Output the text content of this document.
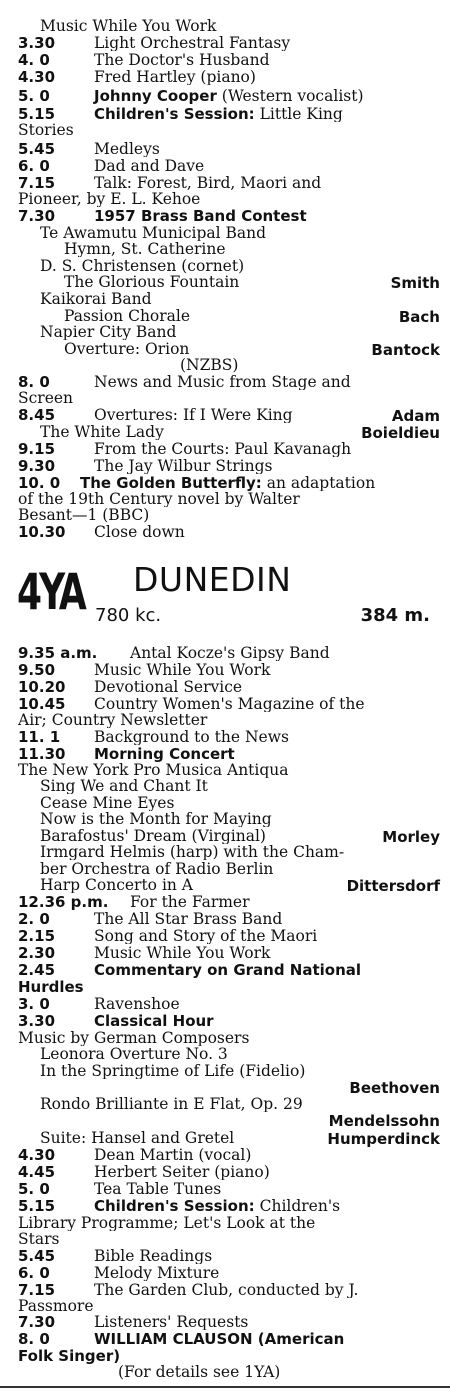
Music While You Work
3.30	Light Orchestral Fantasy
4. 0	The Doctor's Husband
4.30	Fred Hartley (piano)
5. 0	Johnny Cooper (Western vocalist)
5.15	Children's Session: Little King
Stories
5.45	Medleys
6. 0	Dad and Dave
7.15	Talk: Forest, Bird, Maori and
Pioneer, by E. L. Kehoe
7.30	1957 Brass Band Contest
Te Awamutu Municipal Band
Hymn, St. Catherine
D. S. Christensen (cornet)
The Glorious Fountain	Smith
Kaikorai Band
Passion Chorale	Bach
Napier City Band
Overture: Orion	Bantock
(NZBS)
8. 0	News and Music from Stage and
Screen
8.45	Overtures: If I Were King	Adam
The White Lady	Boieldieu
9.15	From the Courts: Paul Kavanagh
9.30	The Jay Wilbur Strings
10. 0 The Golden Butterfly: an adaptation
of the 19th Century novel by Walter
Besant—1 (BBC)
10.30 Close down
4YA DUNEDIN
780 kc.	384 m.
9.35 a.m. Antal Kocze's Gipsy Band
9.50	Music While You Work
10.20 Devotional Service
10.45 Country Women's Magazine of the
Air; Country Newsletter
11. 1 Background to the News
11.30 Morning Concert
The New York Pro Musica Antiqua
Sing We and Chant It
Cease Mine Eyes
Now is the Month for Maying
Barafostus' Dream (Virginal)	Morley
Irmgard Helmis (harp) with the Cham-
ber Orchestra of Radio Berlin
Harp Concerto in A	Dittersdorf
12.36 p.m. For the Farmer
2. 0	The All Star Brass Band
2.15	Song and Story of the Maori
2.30	Music While You Work
2.45	Commentary on Grand National
Hurdles
3. 0	Ravenshoe
3.30	Classical Hour
Music by German Composers
Leonora Overture No. 3
In the Springtime of Life (Fidelio)
Beethoven
Rondo Brilliante in E Flat, Op. 29
Mendelssohn
Suite: Hansel and Gretel	Humperdinck
4.30	Dean Martin (vocal)
4.45	Herbert Seiter (piano)
5. 0	Tea Table Tunes
5.15	Children's Session: Children's
Library Programme; Let's Look at the
Stars
5.45	Bible Readings
6. 0	Melody Mixture
7.15	The Garden Club, conducted by J.
Passmore
7.30	Listeners' Requests
8. 0	WILLIAM CLAUSON (American
Folk Singer)
(For details see 1YA)
